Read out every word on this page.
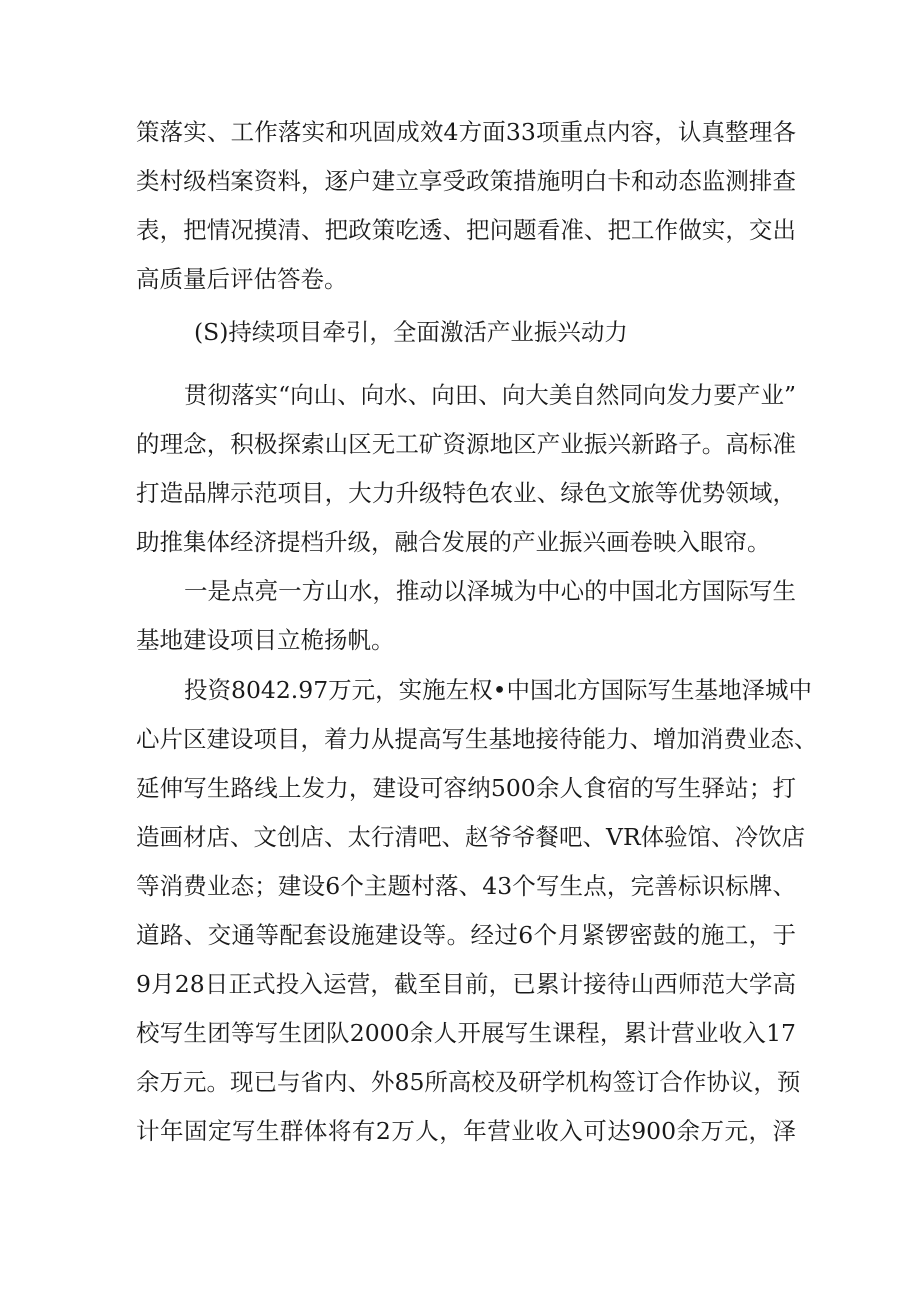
策落实、工作落实和巩固成效4方面33项重点内容，认真整理各
类村级档案资料，逐户建立享受政策措施明白卡和动态监测排查
表，把情况摸清、把政策吃透、把问题看准、把工作做实，交出
高质量后评估答卷。
(S)持续项目牵引，全面激活产业振兴动力
贯彻落实“向山、向水、向田、向大美自然同向发力要产业”
的理念，积极探索山区无工矿资源地区产业振兴新路子。高标准
打造品牌示范项目，大力升级特色农业、绿色文旅等优势领域，
助推集体经济提档升级，融合发展的产业振兴画卷映入眼帘。
一是点亮一方山水，推动以泽城为中心的中国北方国际写生
基地建设项目立桅扬帆。
投资8042.97万元，实施左权•中国北方国际写生基地泽城中
心片区建设项目，着力从提高写生基地接待能力、增加消费业态、
延伸写生路线上发力，建设可容纳500余人食宿的写生驿站；打
造画材店、文创店、太行清吧、赵爷爷餐吧、VR体验馆、冷饮店
等消费业态；建设6个主题村落、43个写生点，完善标识标牌、
道路、交通等配套设施建设等。经过6个月紧锣密鼓的施工，于
9月28日正式投入运营，截至目前，已累计接待山西师范大学高
校写生团等写生团队2000余人开展写生课程，累计营业收入17
余万元。现已与省内、外85所高校及研学机构签订合作协议，预
计年固定写生群体将有2万人，年营业收入可达900余万元，泽
